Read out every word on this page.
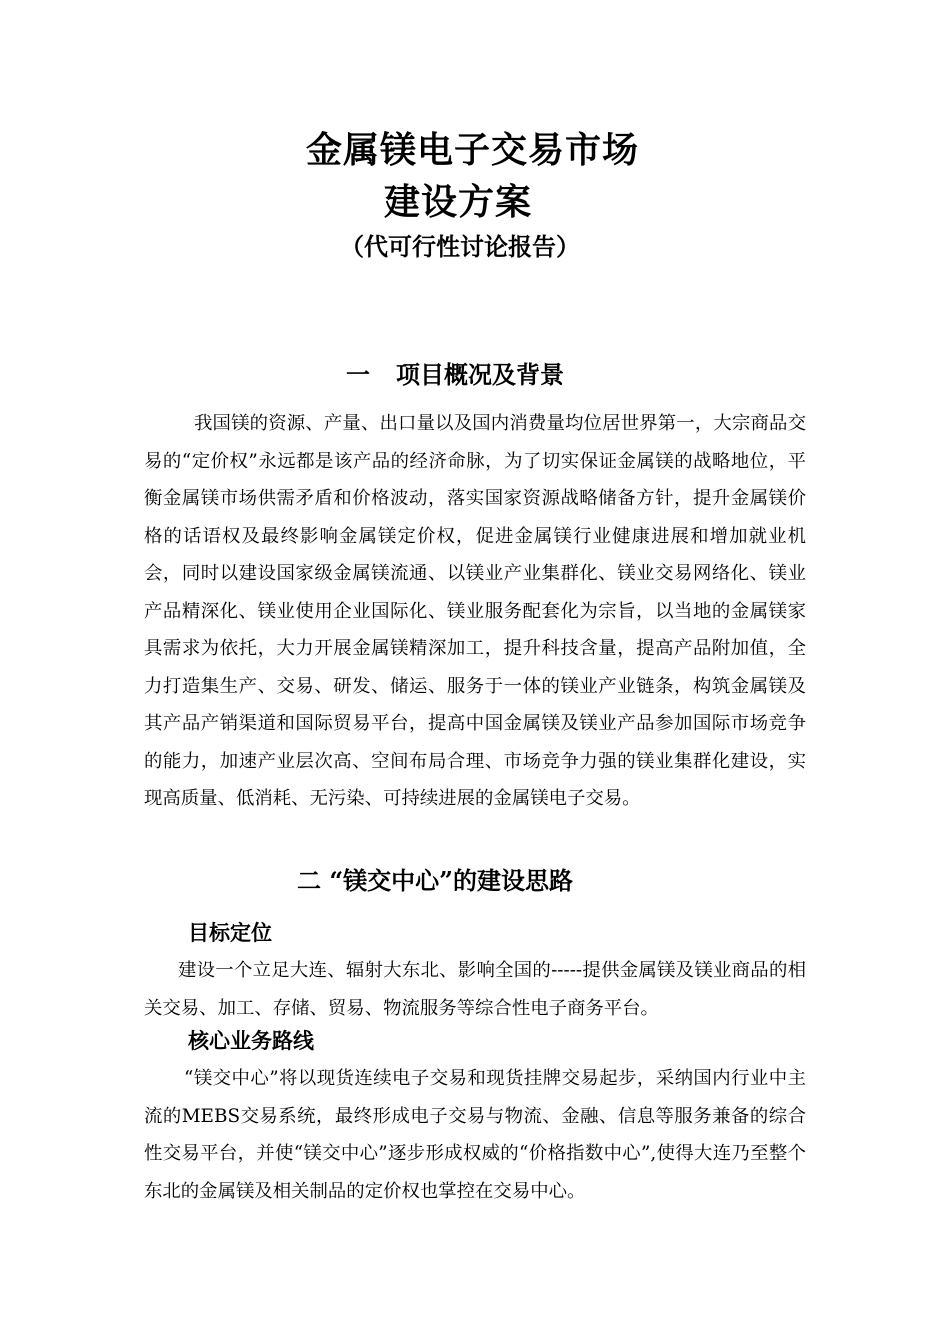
金属镁电子交易市场
建设方案
（代可行性讨论报告）
一 项目概况及背景
我国镁的资源、产量、出口量以及国内消费量均位居世界第一，大宗商品交易的“定价权”永远都是该产品的经济命脉，为了切实保证金属镁的战略地位，平衡金属镁市场供需矛盾和价格波动，落实国家资源战略储备方针，提升金属镁价格的话语权及最终影响金属镁定价权，促进金属镁行业健康进展和增加就业机会，同时以建设国家级金属镁流通、以镁业产业集群化、镁业交易网络化、镁业产品精深化、镁业使用企业国际化、镁业服务配套化为宗旨，以当地的金属镁家具需求为依托，大力开展金属镁精深加工，提升科技含量，提高产品附加值，全力打造集生产、交易、研发、储运、服务于一体的镁业产业链条，构筑金属镁及其产品产销渠道和国际贸易平台，提高中国金属镁及镁业产品参加国际市场竞争的能力，加速产业层次高、空间布局合理、市场竞争力强的镁业集群化建设，实现高质量、低消耗、无污染、可持续进展的金属镁电子交易。
二 “镁交中心”的建设思路
目标定位
建设一个立足大连、辐射大东北、影响全国的-----提供金属镁及镁业商品的相关交易、加工、存储、贸易、物流服务等综合性电子商务平台。
核心业务路线
“镁交中心”将以现货连续电子交易和现货挂牌交易起步，采纳国内行业中主流的MEBS交易系统，最终形成电子交易与物流、金融、信息等服务兼备的综合性交易平台，并使“镁交中心”逐步形成权威的“价格指数中心”,使得大连乃至整个东北的金属镁及相关制品的定价权也掌控在交易中心。
